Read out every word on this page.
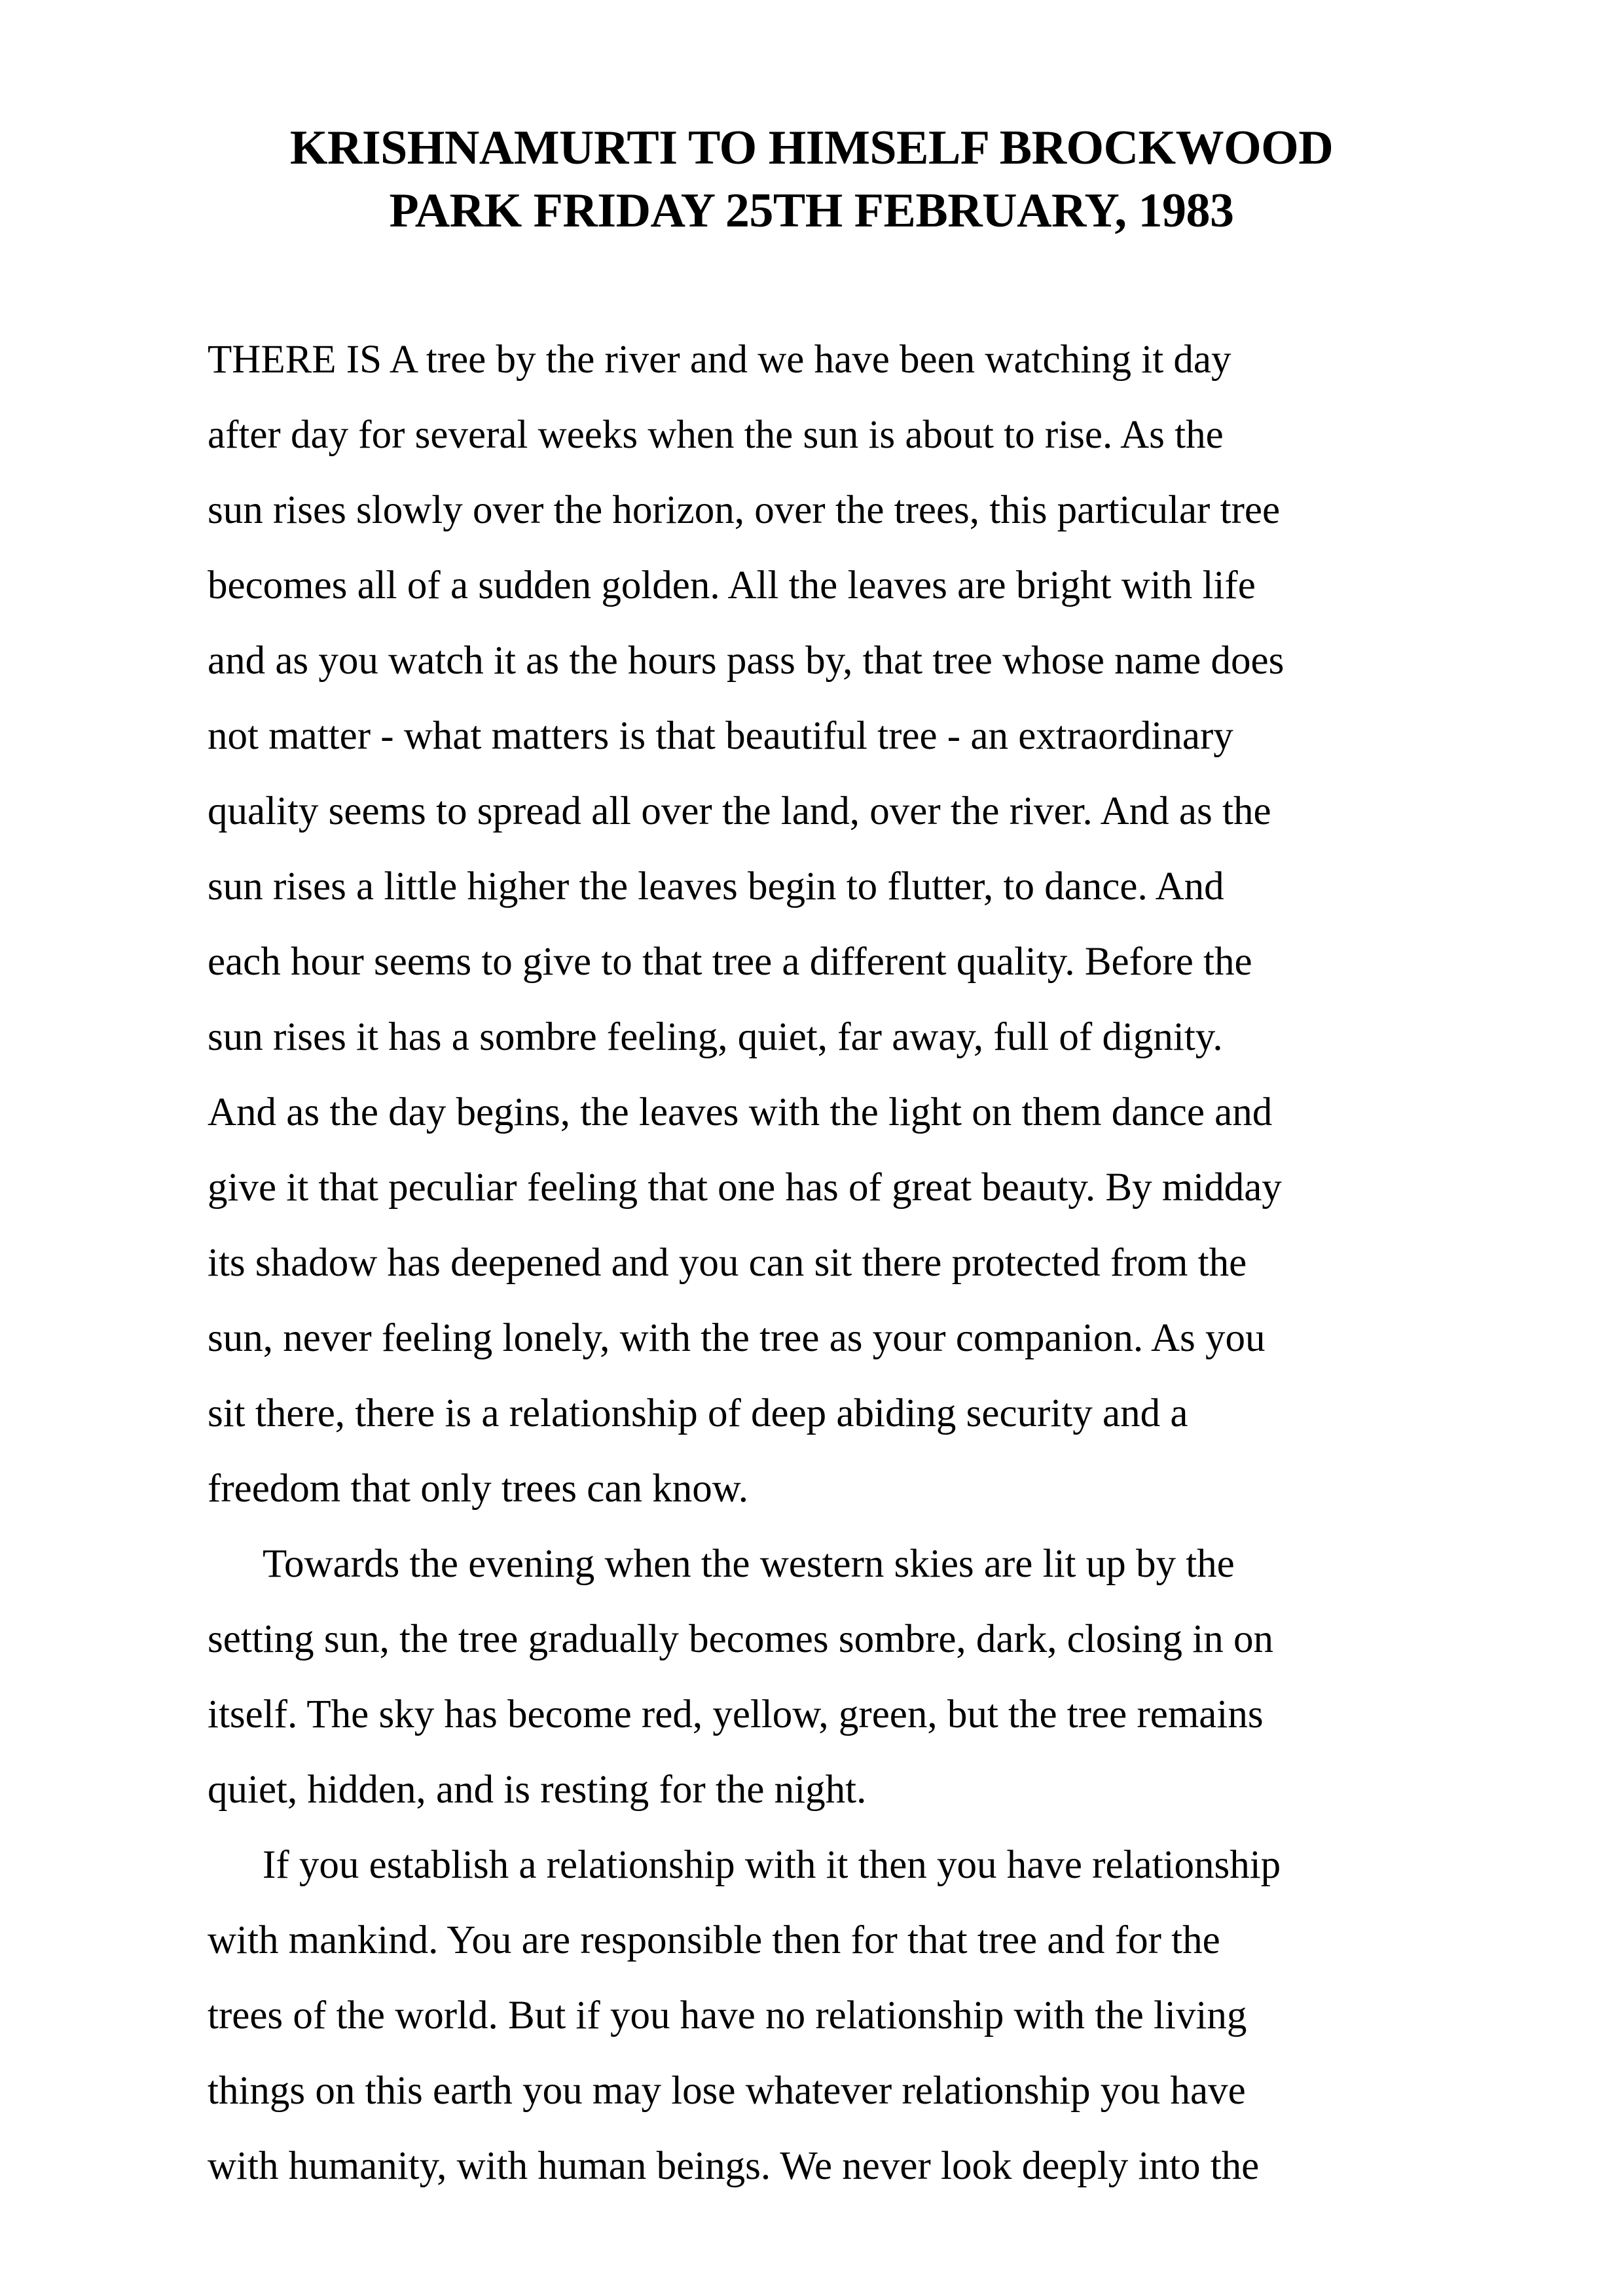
KRISHNAMURTI TO HIMSELF BROCKWOOD
PARK FRIDAY 25TH FEBRUARY, 1983
THERE IS A tree by the river and we have been watching it day
after day for several weeks when the sun is about to rise. As the
sun rises slowly over the horizon, over the trees, this particular tree
becomes all of a sudden golden. All the leaves are bright with life
and as you watch it as the hours pass by, that tree whose name does
not matter - what matters is that beautiful tree - an extraordinary
quality seems to spread all over the land, over the river. And as the
sun rises a little higher the leaves begin to flutter, to dance. And
each hour seems to give to that tree a different quality. Before the
sun rises it has a sombre feeling, quiet, far away, full of dignity.
And as the day begins, the leaves with the light on them dance and
give it that peculiar feeling that one has of great beauty. By midday
its shadow has deepened and you can sit there protected from the
sun, never feeling lonely, with the tree as your companion. As you
sit there, there is a relationship of deep abiding security and a
freedom that only trees can know.
Towards the evening when the western skies are lit up by the
setting sun, the tree gradually becomes sombre, dark, closing in on
itself. The sky has become red, yellow, green, but the tree remains
quiet, hidden, and is resting for the night.
If you establish a relationship with it then you have relationship
with mankind. You are responsible then for that tree and for the
trees of the world. But if you have no relationship with the living
things on this earth you may lose whatever relationship you have
with humanity, with human beings. We never look deeply into the
